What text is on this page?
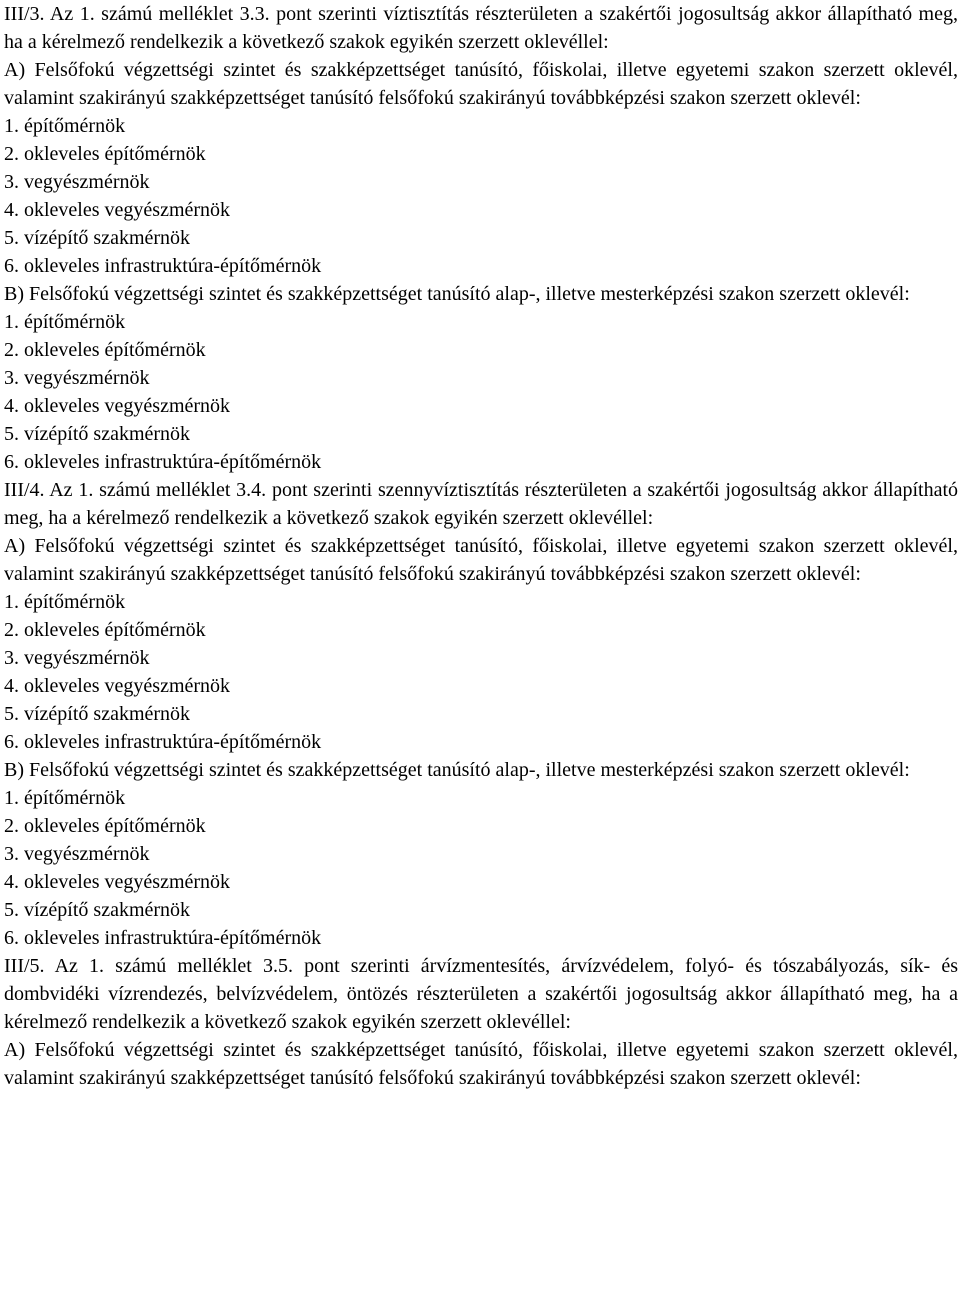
III/3. Az 1. számú melléklet 3.3. pont szerinti víztisztítás részterületen a szakértői jogosultság akkor állapítható meg, ha a kérelmező rendelkezik a következő szakok egyikén szerzett oklevéllel:

A) Felsőfokú végzettségi szintet és szakképzettséget tanúsító, főiskolai, illetve egyetemi szakon szerzett oklevél, valamint szakirányú szakképzettséget tanúsító felsőfokú szakirányú továbbképzési szakon szerzett oklevél:

1. építőmérnök
2. okleveles építőmérnök
3. vegyészmérnök
4. okleveles vegyészmérnök
5. vízépítő szakmérnök
6. okleveles infrastruktúra-építőmérnök

B) Felsőfokú végzettségi szintet és szakképzettséget tanúsító alap-, illetve mesterképzési szakon szerzett oklevél:

1. építőmérnök
2. okleveles építőmérnök
3. vegyészmérnök
4. okleveles vegyészmérnök
5. vízépítő szakmérnök
6. okleveles infrastruktúra-építőmérnök

III/4. Az 1. számú melléklet 3.4. pont szerinti szennyvíztisztítás részterületen a szakértői jogosultság akkor állapítható meg, ha a kérelmező rendelkezik a következő szakok egyikén szerzett oklevéllel:

A) Felsőfokú végzettségi szintet és szakképzettséget tanúsító, főiskolai, illetve egyetemi szakon szerzett oklevél, valamint szakirányú szakképzettséget tanúsító felsőfokú szakirányú továbbképzési szakon szerzett oklevél:

1. építőmérnök
2. okleveles építőmérnök
3. vegyészmérnök
4. okleveles vegyészmérnök
5. vízépítő szakmérnök
6. okleveles infrastruktúra-építőmérnök

B) Felsőfokú végzettségi szintet és szakképzettséget tanúsító alap-, illetve mesterképzési szakon szerzett oklevél:

1. építőmérnök
2. okleveles építőmérnök
3. vegyészmérnök
4. okleveles vegyészmérnök
5. vízépítő szakmérnök
6. okleveles infrastruktúra-építőmérnök

III/5. Az 1. számú melléklet 3.5. pont szerinti árvízmentesítés, árvízvédelem, folyó- és tószabályozás, sík- és dombvidéki vízrendezés, belvízvédelem, öntözés részterületen a szakértői jogosultság akkor állapítható meg, ha a kérelmező rendelkezik a következő szakok egyikén szerzett oklevéllel:

A) Felsőfokú végzettségi szintet és szakképzettséget tanúsító, főiskolai, illetve egyetemi szakon szerzett oklevél, valamint szakirányú szakképzettséget tanúsító felsőfokú szakirányú továbbképzési szakon szerzett oklevél:
